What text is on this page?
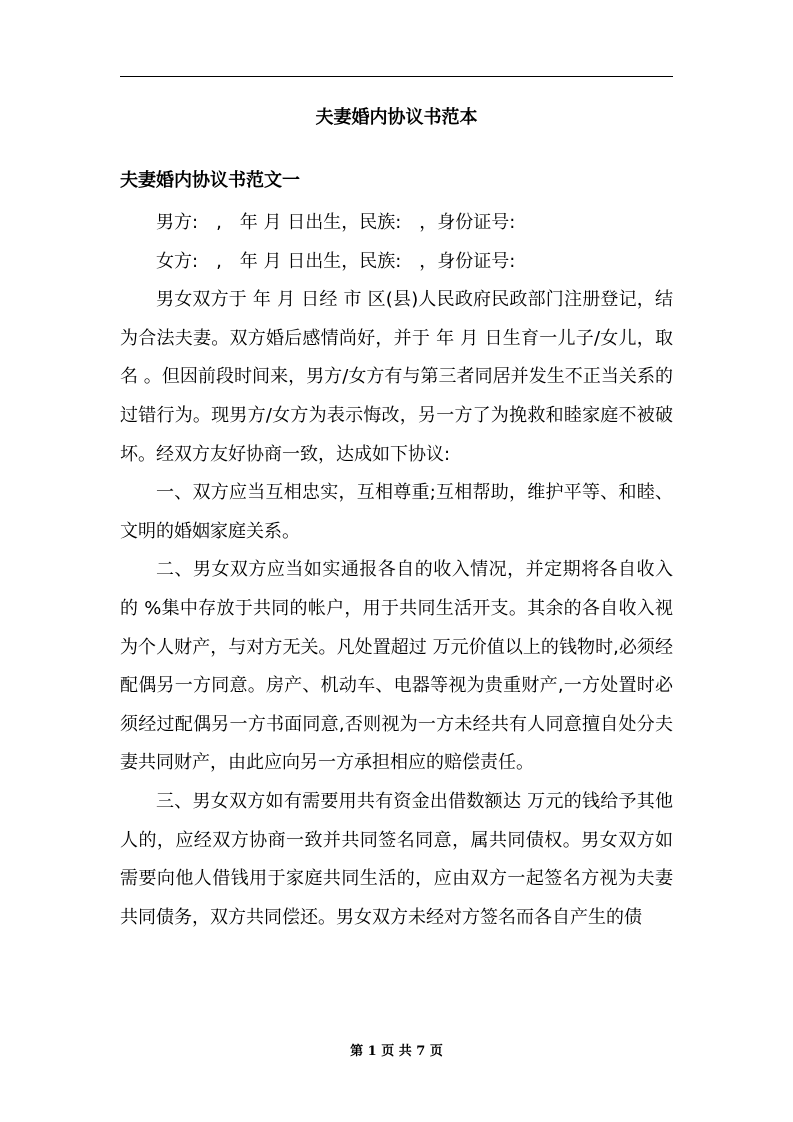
夫妻婚内协议书范本
夫妻婚内协议书范文一

男方:　,　年 月 日出生，民族:　，身份证号:

女方:　,　年 月 日出生，民族:　，身份证号:

男女双方于 年 月 日经 市 区(县)人民政府民政部门注册登记，结为合法夫妻。双方婚后感情尚好，并于 年 月 日生育一儿子/女儿，取名 。但因前段时间来，男方/女方有与第三者同居并发生不正当关系的过错行为。现男方/女方为表示悔改，另一方了为挽救和睦家庭不被破坏。经双方友好协商一致，达成如下协议:

一、双方应当互相忠实，互相尊重;互相帮助，维护平等、和睦、文明的婚姻家庭关系。

二、男女双方应当如实通报各自的收入情况，并定期将各自收入的 %集中存放于共同的帐户，用于共同生活开支。其余的各自收入视为个人财产，与对方无关。凡处置超过 万元价值以上的钱物时,必须经配偶另一方同意。房产、机动车、电器等视为贵重财产,一方处置时必须经过配偶另一方书面同意,否则视为一方未经共有人同意擅自处分夫妻共同财产，由此应向另一方承担相应的赔偿责任。

三、男女双方如有需要用共有资金出借数额达 万元的钱给予其他人的，应经双方协商一致并共同签名同意，属共同债权。男女双方如需要向他人借钱用于家庭共同生活的，应由双方一起签名方视为夫妻共同债务，双方共同偿还。男女双方未经对方签名而各自产生的债

第 1 页 共 7 页
